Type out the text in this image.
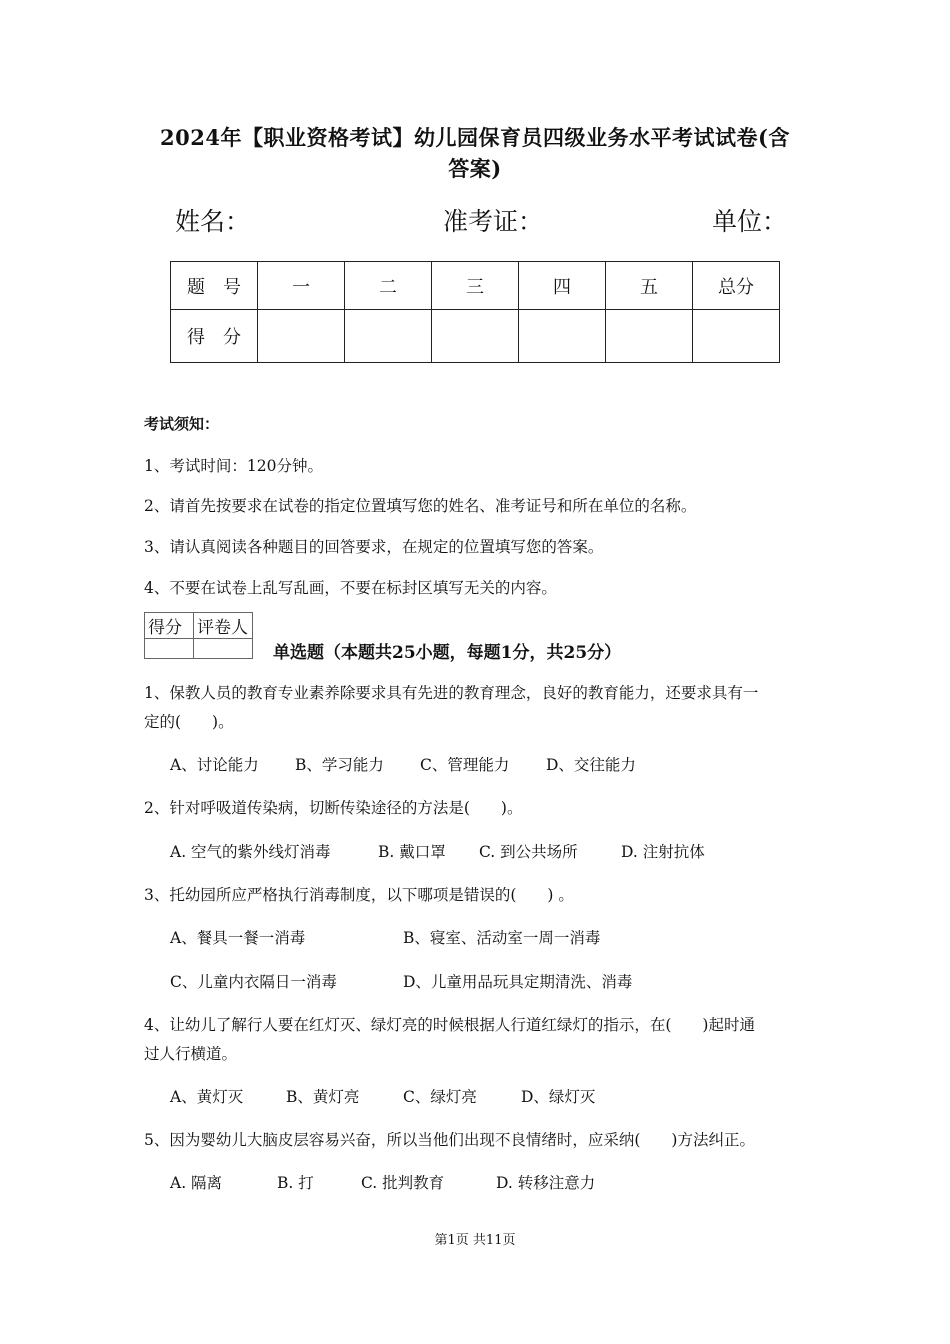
2024年【职业资格考试】幼儿园保育员四级业务水平考试试卷(含
答案)
姓名：	准考证：	单位：
题　号	一	二	三	四	五	总分
得　分						
考试须知：
1、考试时间：120分钟。
2、请首先按要求在试卷的指定位置填写您的姓名、准考证号和所在单位的名称。
3、请认真阅读各种题目的回答要求，在规定的位置填写您的答案。
4、不要在试卷上乱写乱画，不要在标封区填写无关的内容。
得分	评卷人

单选题（本题共25小题，每题1分，共25分）
1、保教人员的教育专业素养除要求具有先进的教育理念，良好的教育能力，还要求具有一
定的(　　)。
A、讨论能力 B、学习能力 C、管理能力 D、交往能力
2、针对呼吸道传染病，切断传染途径的方法是(　　)。
A. 空气的紫外线灯消毒	B. 戴口罩 C. 到公共场所	D. 注射抗体
3、托幼园所应严格执行消毒制度，以下哪项是错误的(　　) 。
A、餐具一餐一消毒	B、寝室、活动室一周一消毒
C、儿童内衣隔日一消毒	D、儿童用品玩具定期清洗、消毒
4、让幼儿了解行人要在红灯灭、绿灯亮的时候根据人行道红绿灯的指示，在(　　)起时通
过人行横道。
A、黄灯灭	B、黄灯亮	C、绿灯亮	D、绿灯灭
5、因为婴幼儿大脑皮层容易兴奋，所以当他们出现不良情绪时，应采纳(　　)方法纠正。
A. 隔离	B. 打	C. 批判教育	D. 转移注意力
第1页 共11页
